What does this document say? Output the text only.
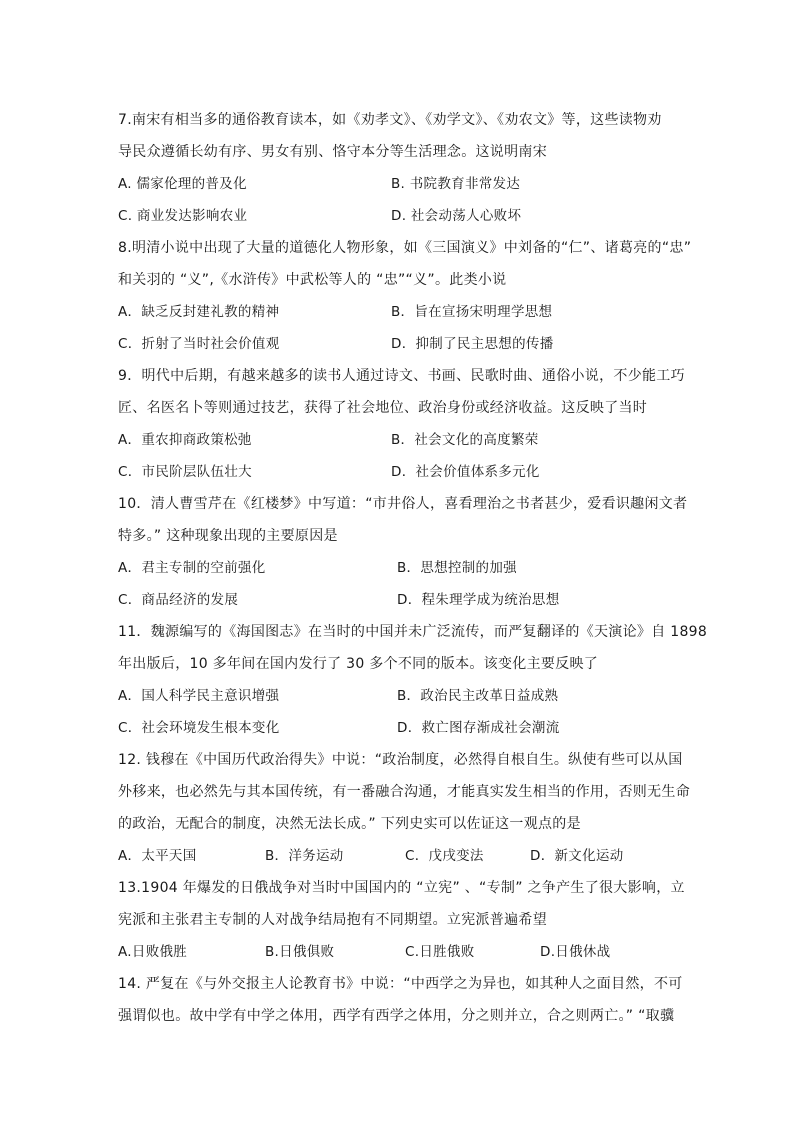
7.南宋有相当多的通俗教育读本，如《劝孝文》、《劝学文》、《劝农文》等，这些读物劝
导民众遵循长幼有序、男女有别、恪守本分等生活理念。这说明南宋
A. 儒家伦理的普及化	B. 书院教育非常发达
C. 商业发达影响农业	D. 社会动荡人心败坏
8.明清小说中出现了大量的道德化人物形象，如《三国演义》中刘备的“仁”、诸葛亮的“忠”
和关羽的 “义”,《水浒传》中武松等人的 “忠”“义”。此类小说
A．缺乏反封建礼教的精神	B．旨在宣扬宋明理学思想
C．折射了当时社会价值观	D．抑制了民主思想的传播
9．明代中后期，有越来越多的读书人通过诗文、书画、民歌时曲、通俗小说，不少能工巧
匠、名医名卜等则通过技艺，获得了社会地位、政治身份或经济收益。这反映了当时
A．重农抑商政策松弛	B．社会文化的高度繁荣
C．市民阶层队伍壮大	D．社会价值体系多元化
10．清人曹雪芹在《红楼梦》中写道：“市井俗人，喜看理治之书者甚少，爱看识趣闲文者
特多。” 这种现象出现的主要原因是
A．君主专制的空前强化	B．思想控制的加强
C．商品经济的发展	D．程朱理学成为统治思想
11．魏源编写的《海国图志》在当时的中国并未广泛流传，而严复翻译的《天演论》自 1898
年出版后，10 多年间在国内发行了 30 多个不同的版本。该变化主要反映了
A．国人科学民主意识增强	B．政治民主改革日益成熟
C．社会环境发生根本变化	D．救亡图存渐成社会潮流
12. 钱穆在《中国历代政治得失》中说：“政治制度，必然得自根自生。纵使有些可以从国
外移来，也必然先与其本国传统，有一番融合沟通，才能真实发生相当的作用，否则无生命
的政治，无配合的制度，决然无法长成。” 下列史实可以佐证这一观点的是
A．太平天国	B．洋务运动	C．戊戌变法	D．新文化运动
13.1904 年爆发的日俄战争对当时中国国内的 “立宪” 、“专制” 之争产生了很大影响，立
宪派和主张君主专制的人对战争结局抱有不同期望。立宪派普遍希望
A.日败俄胜	B.日俄俱败	C.日胜俄败	D.日俄休战
14. 严复在《与外交报主人论教育书》中说：“中西学之为异也，如其种人之面目然，不可
强谓似也。故中学有中学之体用，西学有西学之体用，分之则并立，合之则两亡。” “取骥
